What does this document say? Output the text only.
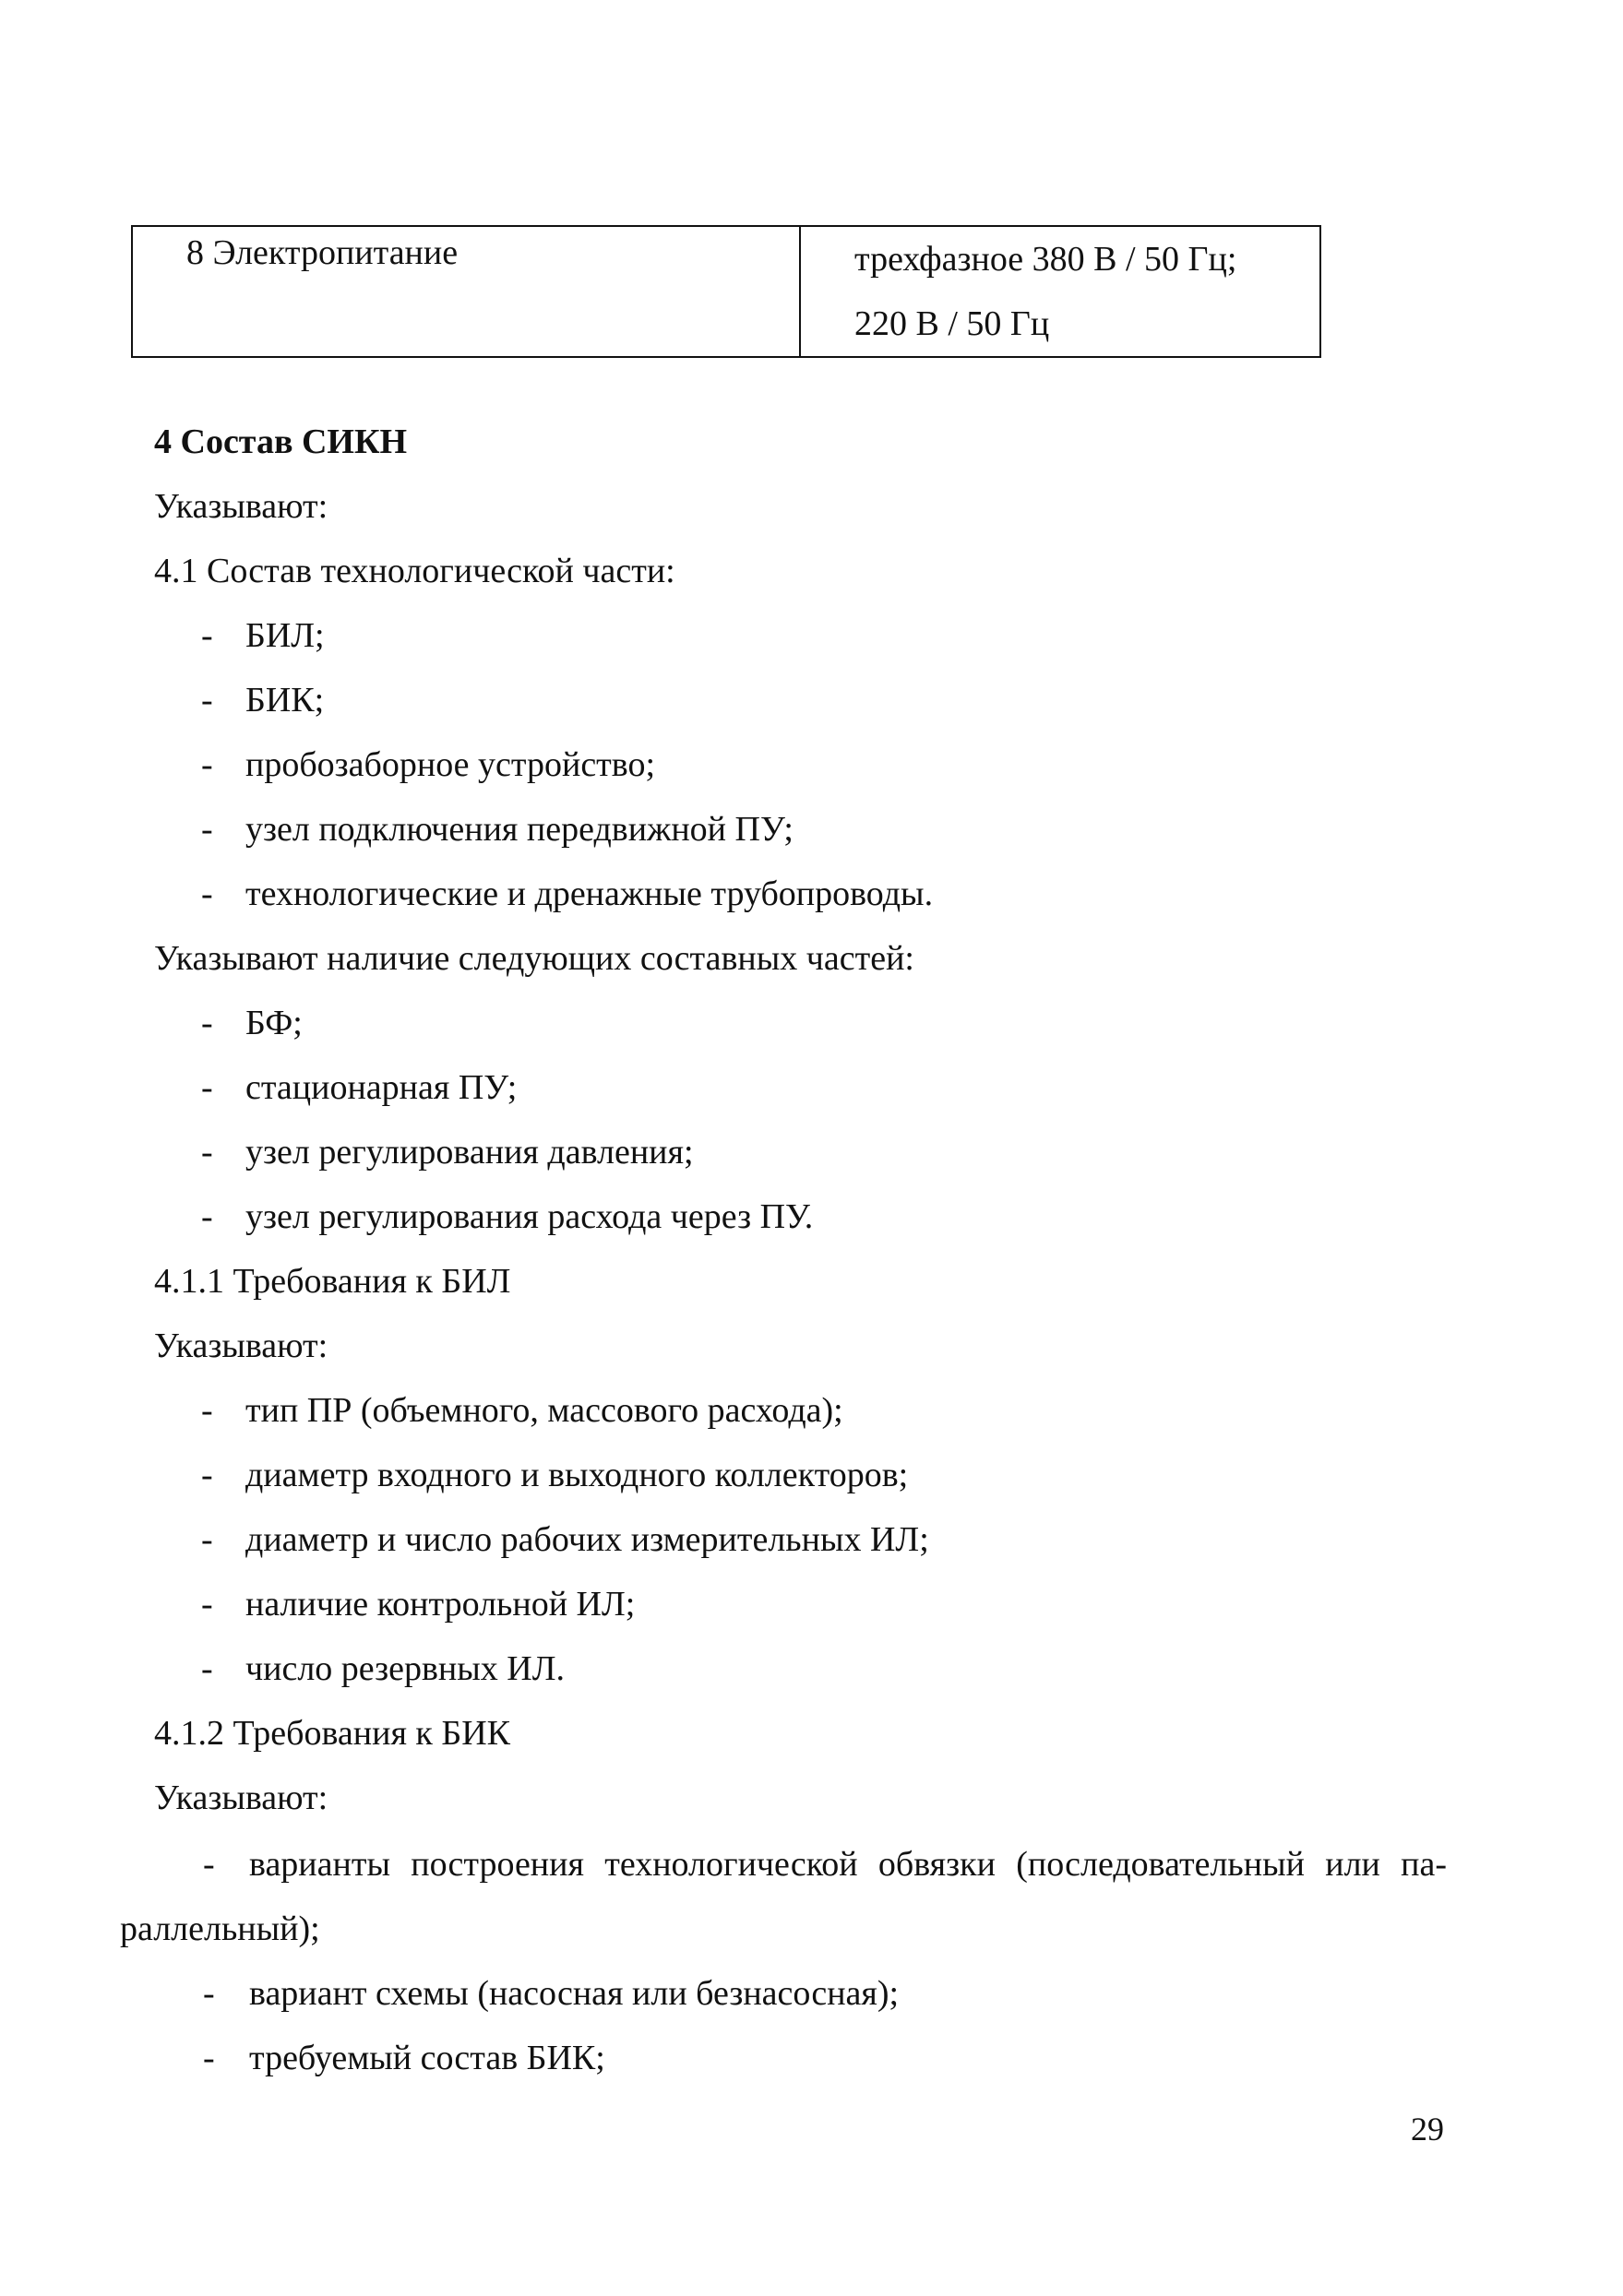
8 Электропитание	трехфазное 380 В / 50 Гц;
220 В / 50 Гц
4 Состав СИКН
Указывают:
4.1 Состав технологической части:
- БИЛ;
- БИК;
- пробозаборное устройство;
- узел подключения передвижной ПУ;
- технологические и дренажные трубопроводы.
Указывают наличие следующих составных частей:
- БФ;
- стационарная ПУ;
- узел регулирования давления;
- узел регулирования расхода через ПУ.
4.1.1 Требования к БИЛ
Указывают:
- тип ПР (объемного, массового расхода);
- диаметр входного и выходного коллекторов;
- диаметр и число рабочих измерительных ИЛ;
- наличие контрольной ИЛ;
- число резервных ИЛ.
4.1.2 Требования к БИК
Указывают:
- варианты построения технологической обвязки (последовательный или па-
раллельный);
- вариант схемы (насосная или безнасосная);
- требуемый состав БИК;
29
